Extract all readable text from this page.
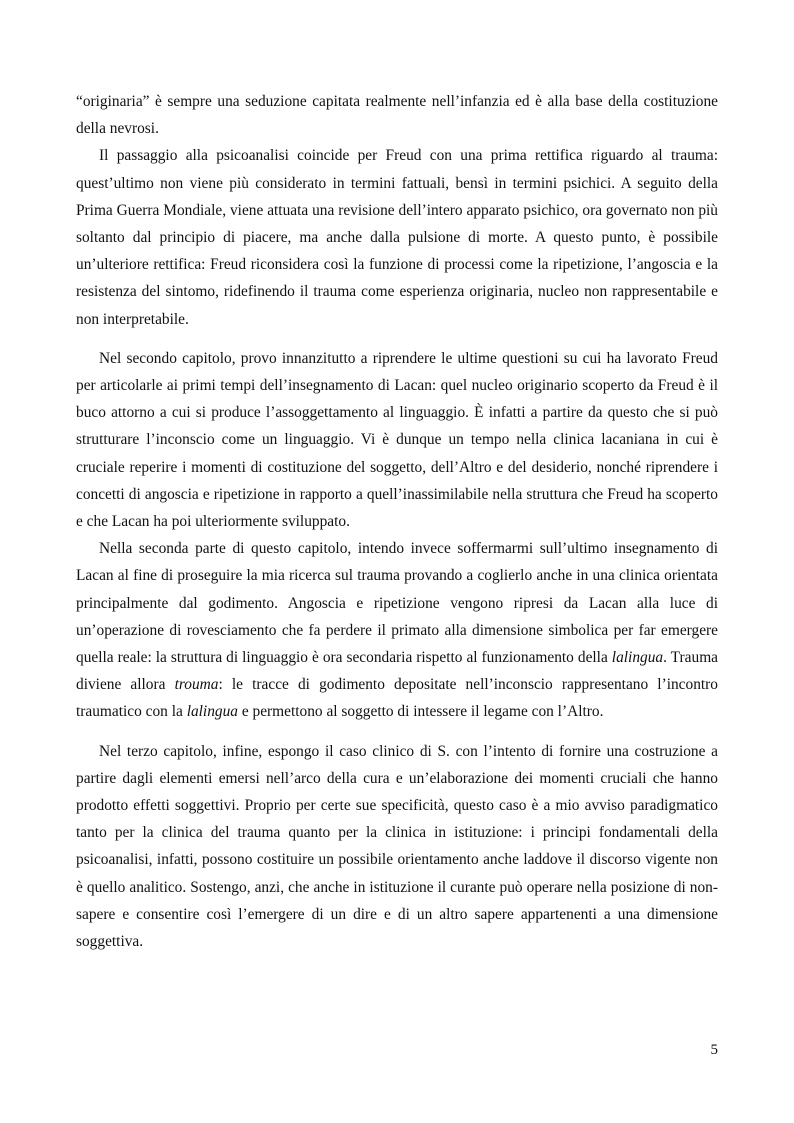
“originaria” è sempre una seduzione capitata realmente nell’infanzia ed è alla base della costituzione della nevrosi.

Il passaggio alla psicoanalisi coincide per Freud con una prima rettifica riguardo al trauma: quest’ultimo non viene più considerato in termini fattuali, bensì in termini psichici. A seguito della Prima Guerra Mondiale, viene attuata una revisione dell’intero apparato psichico, ora governato non più soltanto dal principio di piacere, ma anche dalla pulsione di morte. A questo punto, è possibile un’ulteriore rettifica: Freud riconsidera così la funzione di processi come la ripetizione, l’angoscia e la resistenza del sintomo, ridefinendo il trauma come esperienza originaria, nucleo non rappresentabile e non interpretabile.

Nel secondo capitolo, provo innanzitutto a riprendere le ultime questioni su cui ha lavorato Freud per articolarle ai primi tempi dell’insegnamento di Lacan: quel nucleo originario scoperto da Freud è il buco attorno a cui si produce l’assoggettamento al linguaggio. È infatti a partire da questo che si può strutturare l’inconscio come un linguaggio. Vi è dunque un tempo nella clinica lacaniana in cui è cruciale reperire i momenti di costituzione del soggetto, dell’Altro e del desiderio, nonché riprendere i concetti di angoscia e ripetizione in rapporto a quell’inassimilabile nella struttura che Freud ha scoperto e che Lacan ha poi ulteriormente sviluppato.

Nella seconda parte di questo capitolo, intendo invece soffermarmi sull’ultimo insegnamento di Lacan al fine di proseguire la mia ricerca sul trauma provando a coglierlo anche in una clinica orientata principalmente dal godimento. Angoscia e ripetizione vengono ripresi da Lacan alla luce di un’operazione di rovesciamento che fa perdere il primato alla dimensione simbolica per far emergere quella reale: la struttura di linguaggio è ora secondaria rispetto al funzionamento della lalingua. Trauma diviene allora trouma: le tracce di godimento depositate nell’inconscio rappresentano l’incontro traumatico con la lalingua e permettono al soggetto di intessere il legame con l’Altro.

Nel terzo capitolo, infine, espongo il caso clinico di S. con l’intento di fornire una costruzione a partire dagli elementi emersi nell’arco della cura e un’elaborazione dei momenti cruciali che hanno prodotto effetti soggettivi. Proprio per certe sue specificità, questo caso è a mio avviso paradigmatico tanto per la clinica del trauma quanto per la clinica in istituzione: i principi fondamentali della psicoanalisi, infatti, possono costituire un possibile orientamento anche laddove il discorso vigente non è quello analitico. Sostengo, anzi, che anche in istituzione il curante può operare nella posizione di non-sapere e consentire così l’emergere di un dire e di un altro sapere appartenenti a una dimensione soggettiva.

5
